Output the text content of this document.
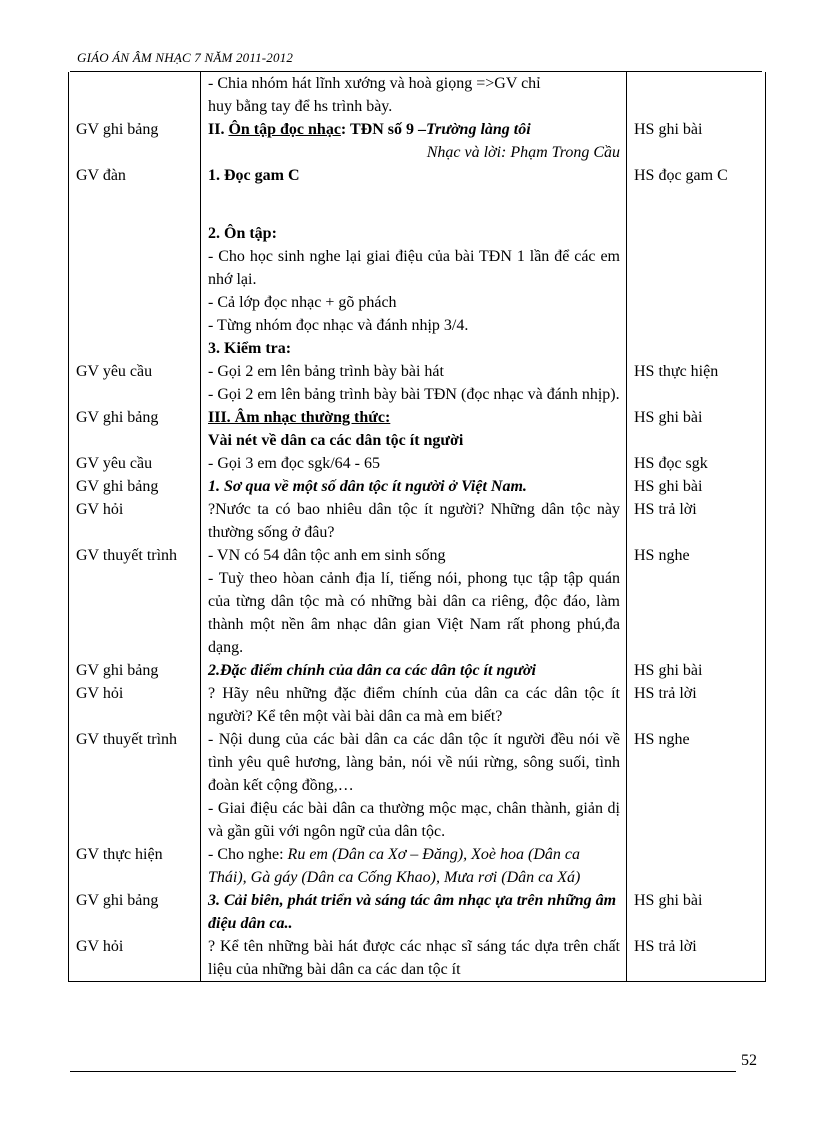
GIÁO ÁN ÂM NHẠC 7 NĂM 2011-2012

	- Chia nhóm hát lĩnh xướng và hoà giọng =>GV chỉ
huy bằng tay để hs trình bày.	

GV ghi bảng	II. Ôn tập đọc nhạc: TĐN số 9 –Trường làng tôi
Nhạc và lời: Phạm Trong Cầu	HS ghi bài

GV đàn	1. Đọc gam C	HS đọc gam C

	2. Ôn tập:
- Cho học sinh nghe lại giai điệu của bài TĐN 1 lần để các em nhớ lại.
- Cả lớp đọc nhạc + gõ phách
- Từng nhóm đọc nhạc và đánh nhịp 3/4.	

GV yêu cầu	3. Kiểm tra:
- Gọi 2 em lên bảng trình bày bài hát
- Gọi 2 em lên bảng trình bày bài TĐN (đọc nhạc và đánh nhịp).	HS thực hiện

GV ghi bảng	III. Âm nhạc thường thức:
Vài nét về dân ca các dân tộc ít người	HS ghi bài

GV yêu cầu	- Gọi 3 em đọc sgk/64 - 65	HS đọc sgk

GV ghi bảng	1. Sơ qua về một số dân tộc ít người ở Việt Nam.	HS ghi bài

GV hỏi	?Nước ta có bao nhiêu dân tộc ít người? Những dân tộc này thường sống ở đâu?	HS trả lời

GV thuyết trình	- VN có 54 dân tộc anh em sinh sống
- Tuỳ theo hòan cảnh địa lí, tiếng nói, phong tục tập tập quán của từng dân tộc mà có những bài dân ca riêng, độc đáo, làm thành một nền âm nhạc dân gian Việt Nam rất phong phú,đa dạng.	HS nghe

GV ghi bảng	2.Đặc điểm chính của dân ca các dân tộc ít người	HS ghi bài

GV hỏi	? Hãy nêu những đặc điểm chính của dân ca các dân tộc ít người? Kể tên một vài bài dân ca mà em biết?	HS trả lời

GV thuyết trình	- Nội dung của các bài dân ca các dân tộc ít người đều nói về tình yêu quê hương, làng bản, nói về núi rừng, sông suối, tình đoàn kết cộng đồng,…
- Giai điệu các bài dân ca thường mộc mạc, chân thành, giản dị và gần gũi với ngôn ngữ của dân tộc.	HS nghe

GV thực hiện	- Cho nghe: Ru em (Dân ca Xơ – Đăng), Xoè hoa (Dân ca Thái), Gà gáy (Dân ca Cống Khao), Mưa rơi (Dân ca Xá)	

GV ghi bảng	3. Cải biên, phát triển và sáng tác âm nhạc ựa trên những âm điệu dân ca..	HS ghi bài

GV hỏi	? Kể tên những bài hát được các nhạc sĩ sáng tác dựa trên chất liệu của những bài dân ca các dan tộc ít	HS trả lời
52
